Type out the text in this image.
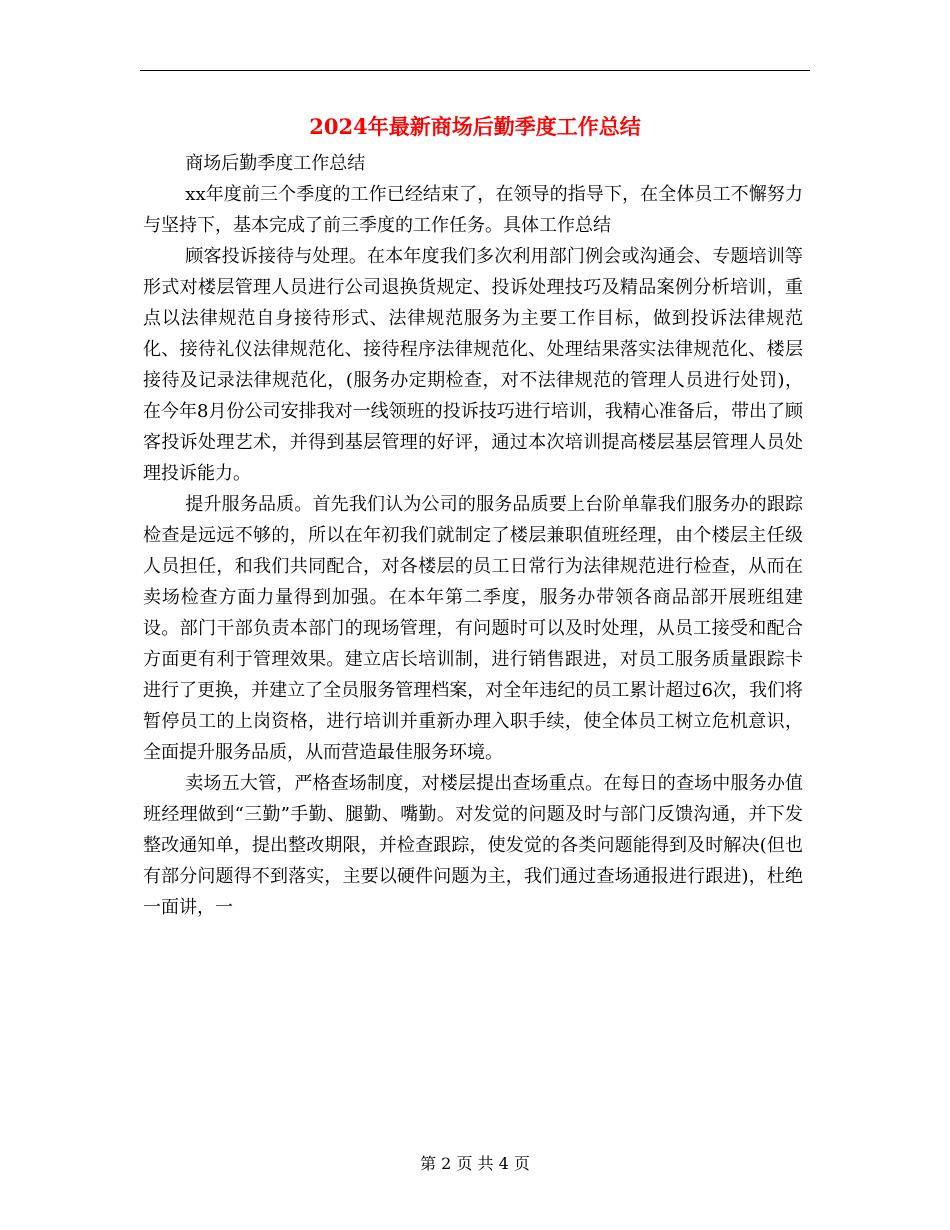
2024年最新商场后勤季度工作总结

商场后勤季度工作总结

xx年度前三个季度的工作已经结束了，在领导的指导下，在全体员工不懈努力与坚持下，基本完成了前三季度的工作任务。具体工作总结

顾客投诉接待与处理。在本年度我们多次利用部门例会或沟通会、专题培训等形式对楼层管理人员进行公司退换货规定、投诉处理技巧及精品案例分析培训，重点以法律规范自身接待形式、法律规范服务为主要工作目标，做到投诉法律规范化、接待礼仪法律规范化、接待程序法律规范化、处理结果落实法律规范化、楼层接待及记录法律规范化，(服务办定期检查，对不法律规范的管理人员进行处罚)，在今年8月份公司安排我对一线领班的投诉技巧进行培训，我精心准备后，带出了顾客投诉处理艺术，并得到基层管理的好评，通过本次培训提高楼层基层管理人员处理投诉能力。

提升服务品质。首先我们认为公司的服务品质要上台阶单靠我们服务办的跟踪检查是远远不够的，所以在年初我们就制定了楼层兼职值班经理，由个楼层主任级人员担任，和我们共同配合，对各楼层的员工日常行为法律规范进行检查，从而在卖场检查方面力量得到加强。在本年第二季度，服务办带领各商品部开展班组建设。部门干部负责本部门的现场管理，有问题时可以及时处理，从员工接受和配合方面更有利于管理效果。建立店长培训制，进行销售跟进，对员工服务质量跟踪卡进行了更换，并建立了全员服务管理档案，对全年违纪的员工累计超过6次，我们将暂停员工的上岗资格，进行培训并重新办理入职手续，使全体员工树立危机意识，全面提升服务品质，从而营造最佳服务环境。

卖场五大管，严格查场制度，对楼层提出查场重点。在每日的查场中服务办值班经理做到“三勤”手勤、腿勤、嘴勤。对发觉的问题及时与部门反馈沟通，并下发整改通知单，提出整改期限，并检查跟踪，使发觉的各类问题能得到及时解决(但也有部分问题得不到落实，主要以硬件问题为主，我们通过查场通报进行跟进)，杜绝一面讲，一

第 2 页 共 4 页
